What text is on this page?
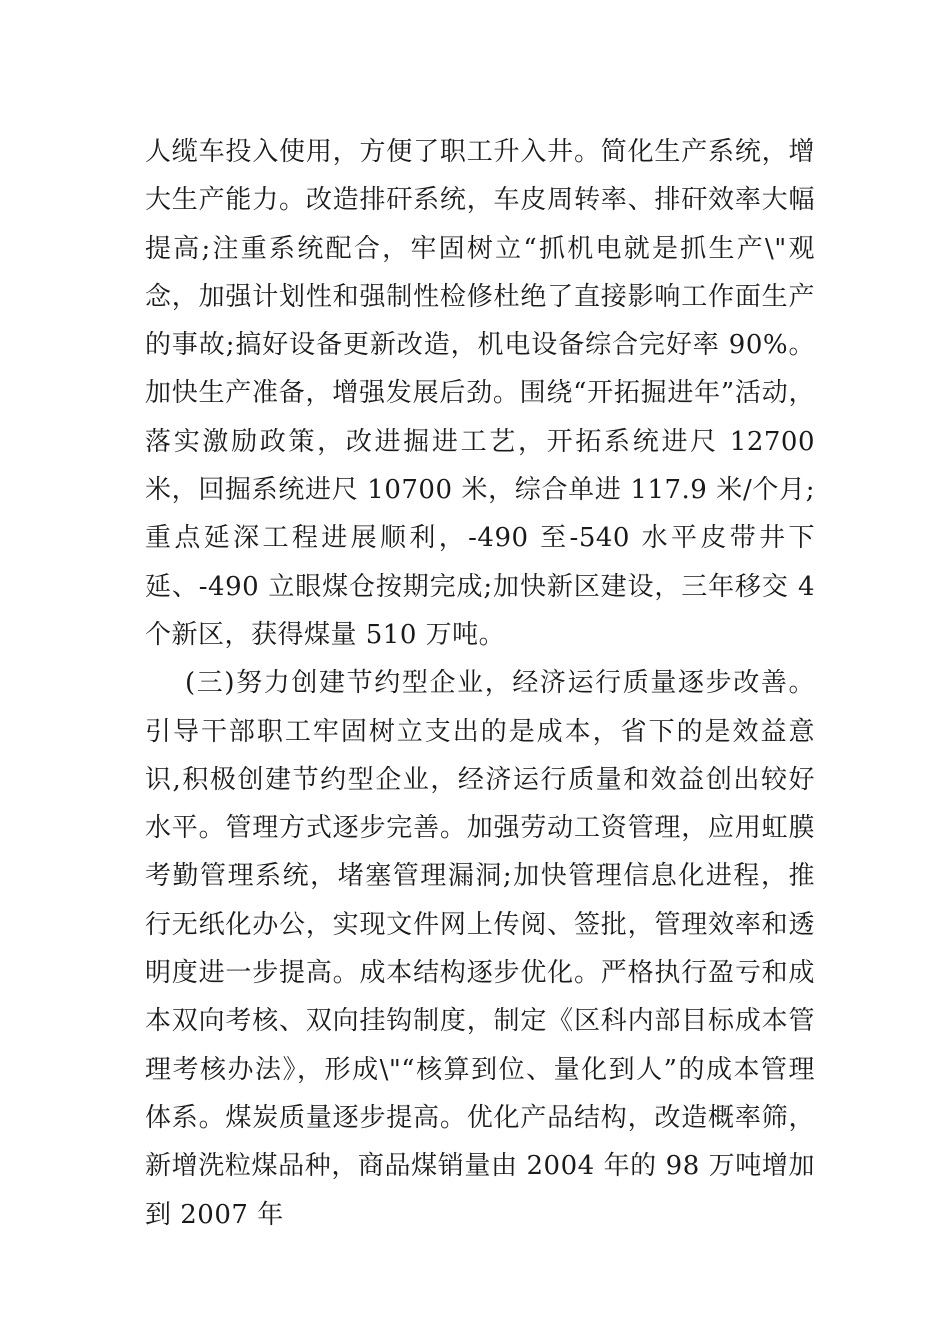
人缆车投入使用，方便了职工升入井。简化生产系统，增大生产能力。改造排矸系统，车皮周转率、排矸效率大幅提高;注重系统配合，牢固树立“抓机电就是抓生产\"观念，加强计划性和强制性检修杜绝了直接影响工作面生产的事故;搞好设备更新改造，机电设备综合完好率 90%。加快生产准备，增强发展后劲。围绕“开拓掘进年”活动，落实激励政策，改进掘进工艺，开拓系统进尺 12700 米，回掘系统进尺 10700 米，综合单进 117.9 米/个月;重点延深工程进展顺利，-490 至-540 水平皮带井下延、-490 立眼煤仓按期完成;加快新区建设，三年移交 4 个新区，获得煤量 510 万吨。

(三)努力创建节约型企业，经济运行质量逐步改善。引导干部职工牢固树立支出的是成本，省下的是效益意识,积极创建节约型企业，经济运行质量和效益创出较好水平。管理方式逐步完善。加强劳动工资管理，应用虹膜考勤管理系统，堵塞管理漏洞;加快管理信息化进程，推行无纸化办公，实现文件网上传阅、签批，管理效率和透明度进一步提高。成本结构逐步优化。严格执行盈亏和成本双向考核、双向挂钩制度，制定《区科内部目标成本管理考核办法》，形成\"“核算到位、量化到人”的成本管理体系。煤炭质量逐步提高。优化产品结构，改造概率筛，新增洗粒煤品种，商品煤销量由 2004 年的 98 万吨增加到 2007 年
